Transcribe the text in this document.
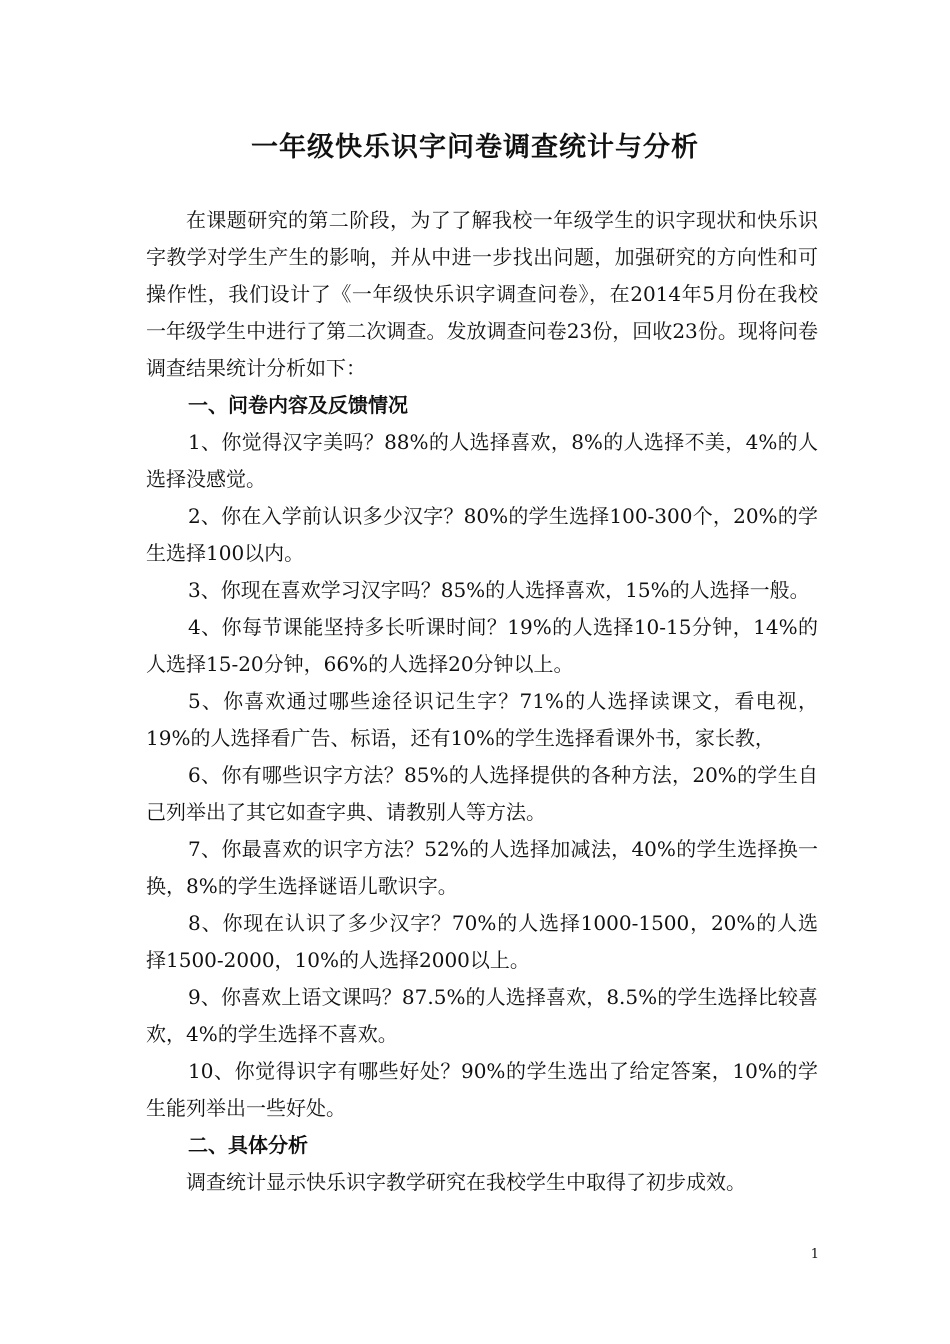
一年级快乐识字问卷调查统计与分析

在课题研究的第二阶段，为了了解我校一年级学生的识字现状和快乐识字教学对学生产生的影响，并从中进一步找出问题，加强研究的方向性和可操作性，我们设计了《一年级快乐识字调查问卷》，在2014年5月份在我校一年级学生中进行了第二次调查。发放调查问卷23份，回收23份。现将问卷调查结果统计分析如下：

一、问卷内容及反馈情况

1、你觉得汉字美吗？88%的人选择喜欢，8%的人选择不美，4%的人选择没感觉。

2、你在入学前认识多少汉字？80%的学生选择100-300个，20%的学生选择100以内。

3、你现在喜欢学习汉字吗？85%的人选择喜欢，15%的人选择一般。

4、你每节课能坚持多长听课时间？19%的人选择10-15分钟，14%的人选择15-20分钟，66%的人选择20分钟以上。

5、你喜欢通过哪些途径识记生字？71%的人选择读课文，看电视，19%的人选择看广告、标语，还有10%的学生选择看课外书，家长教，

6、你有哪些识字方法？85%的人选择提供的各种方法，20%的学生自己列举出了其它如查字典、请教别人等方法。

7、你最喜欢的识字方法？52%的人选择加减法，40%的学生选择换一换，8%的学生选择谜语儿歌识字。

8、你现在认识了多少汉字？70%的人选择1000-1500，20%的人选择1500-2000，10%的人选择2000以上。

9、你喜欢上语文课吗？87.5%的人选择喜欢，8.5%的学生选择比较喜欢，4%的学生选择不喜欢。

10、你觉得识字有哪些好处？90%的学生选出了给定答案，10%的学生能列举出一些好处。

二、具体分析

调查统计显示快乐识字教学研究在我校学生中取得了初步成效。

1
